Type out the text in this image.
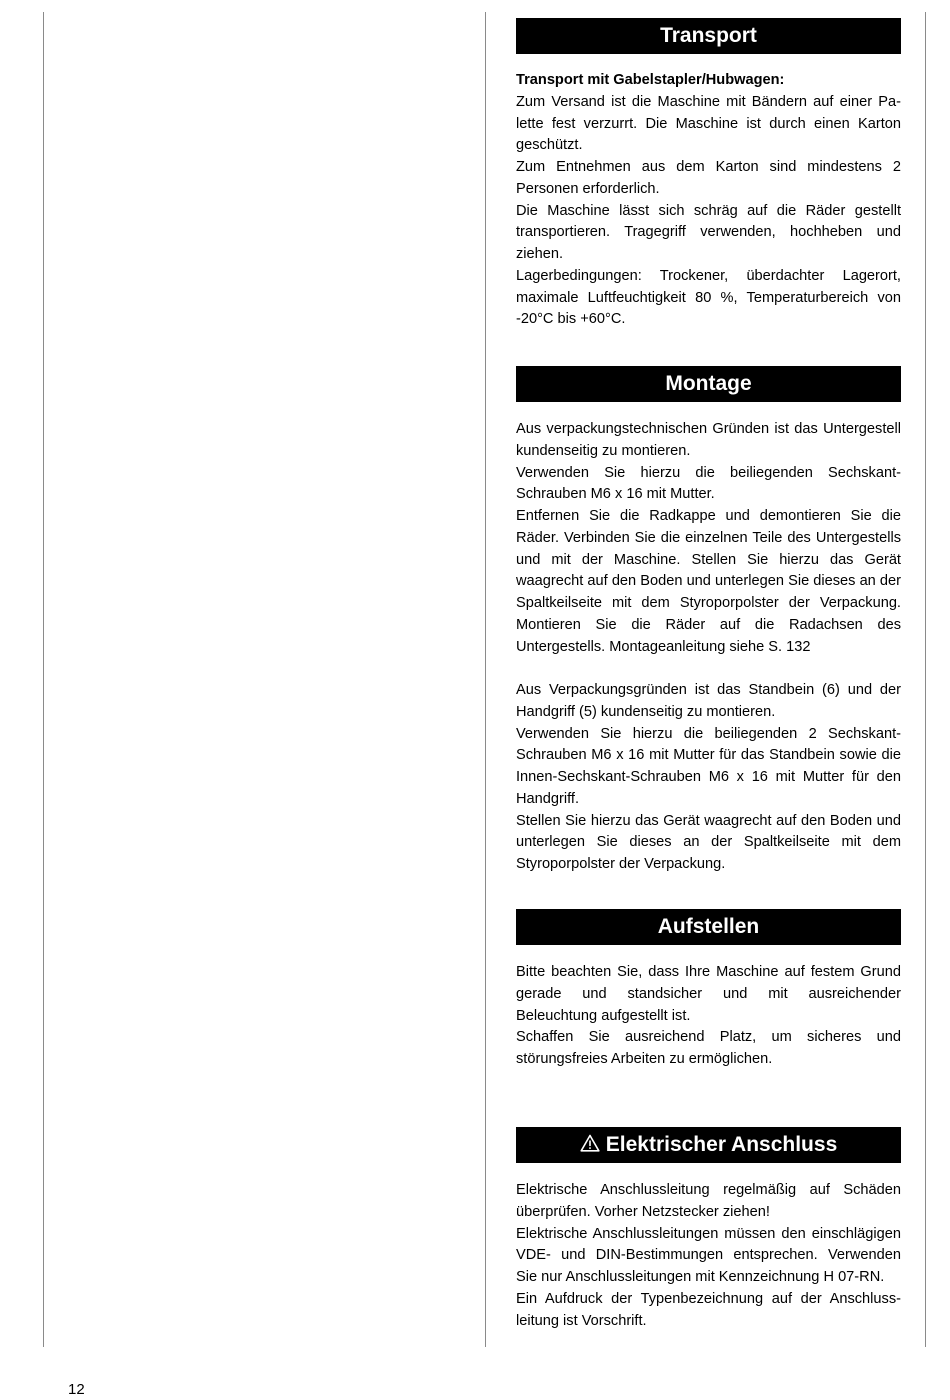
Transport

Transport mit Gabelstapler/Hubwagen:

Zum Versand ist die Maschine mit Bändern auf einer Palette fest verzurrt. Die Maschine ist durch einen Karton geschützt.

Zum Entnehmen aus dem Karton sind mindestens 2 Personen erforderlich.

Die Maschine lässt sich schräg auf die Räder gestellt transportieren. Tragegriff verwenden, hochheben und ziehen.

Lagerbedingungen: Trockener, überdachter Lagerort, maximale Luftfeuchtigkeit 80 %, Temperaturbereich von -20°C bis +60°C.

Montage

Aus verpackungstechnischen Gründen ist das Untergestell kundenseitig zu montieren.

Verwenden Sie hierzu die beiliegenden Sechskant-Schrauben M6 x 16 mit Mutter.

Entfernen Sie die Radkappe und demontieren Sie die Räder. Verbinden Sie die einzelnen Teile des Untergestells und mit der Maschine. Stellen Sie hierzu das Gerät waagrecht auf den Boden und unterlegen Sie dieses an der Spaltkeilseite mit dem Styroporpolster der Verpackung. Montieren Sie die Räder auf die Radachsen des Untergestells. Montageanleitung siehe S. 132

Aus Verpackungsgründen ist das Standbein (6) und der Handgriff (5) kundenseitig zu montieren.

Verwenden Sie hierzu die beiliegenden 2 Sechskant-Schrauben M6 x 16 mit Mutter für das Standbein sowie die Innen-Sechskant-Schrauben M6 x 16 mit Mutter für den Handgriff.

Stellen Sie hierzu das Gerät waagrecht auf den Boden und unterlegen Sie dieses an der Spaltkeilseite mit dem Styroporpolster der Verpackung.

Aufstellen

Bitte beachten Sie, dass Ihre Maschine auf festem Grund gerade und standsicher und mit ausreichender Beleuchtung aufgestellt ist.

Schaffen Sie ausreichend Platz, um sicheres und störungsfreies Arbeiten zu ermöglichen.

Elektrischer Anschluss

Elektrische Anschlussleitung regelmäßig auf Schäden überprüfen. Vorher Netzstecker ziehen!

Elektrische Anschlussleitungen müssen den einschlägigen VDE- und DIN-Bestimmungen entsprechen. Verwenden Sie nur Anschlussleitungen mit Kennzeichnung H 07-RN.

Ein Aufdruck der Typenbezeichnung auf der Anschlussleitung ist Vorschrift.

12
